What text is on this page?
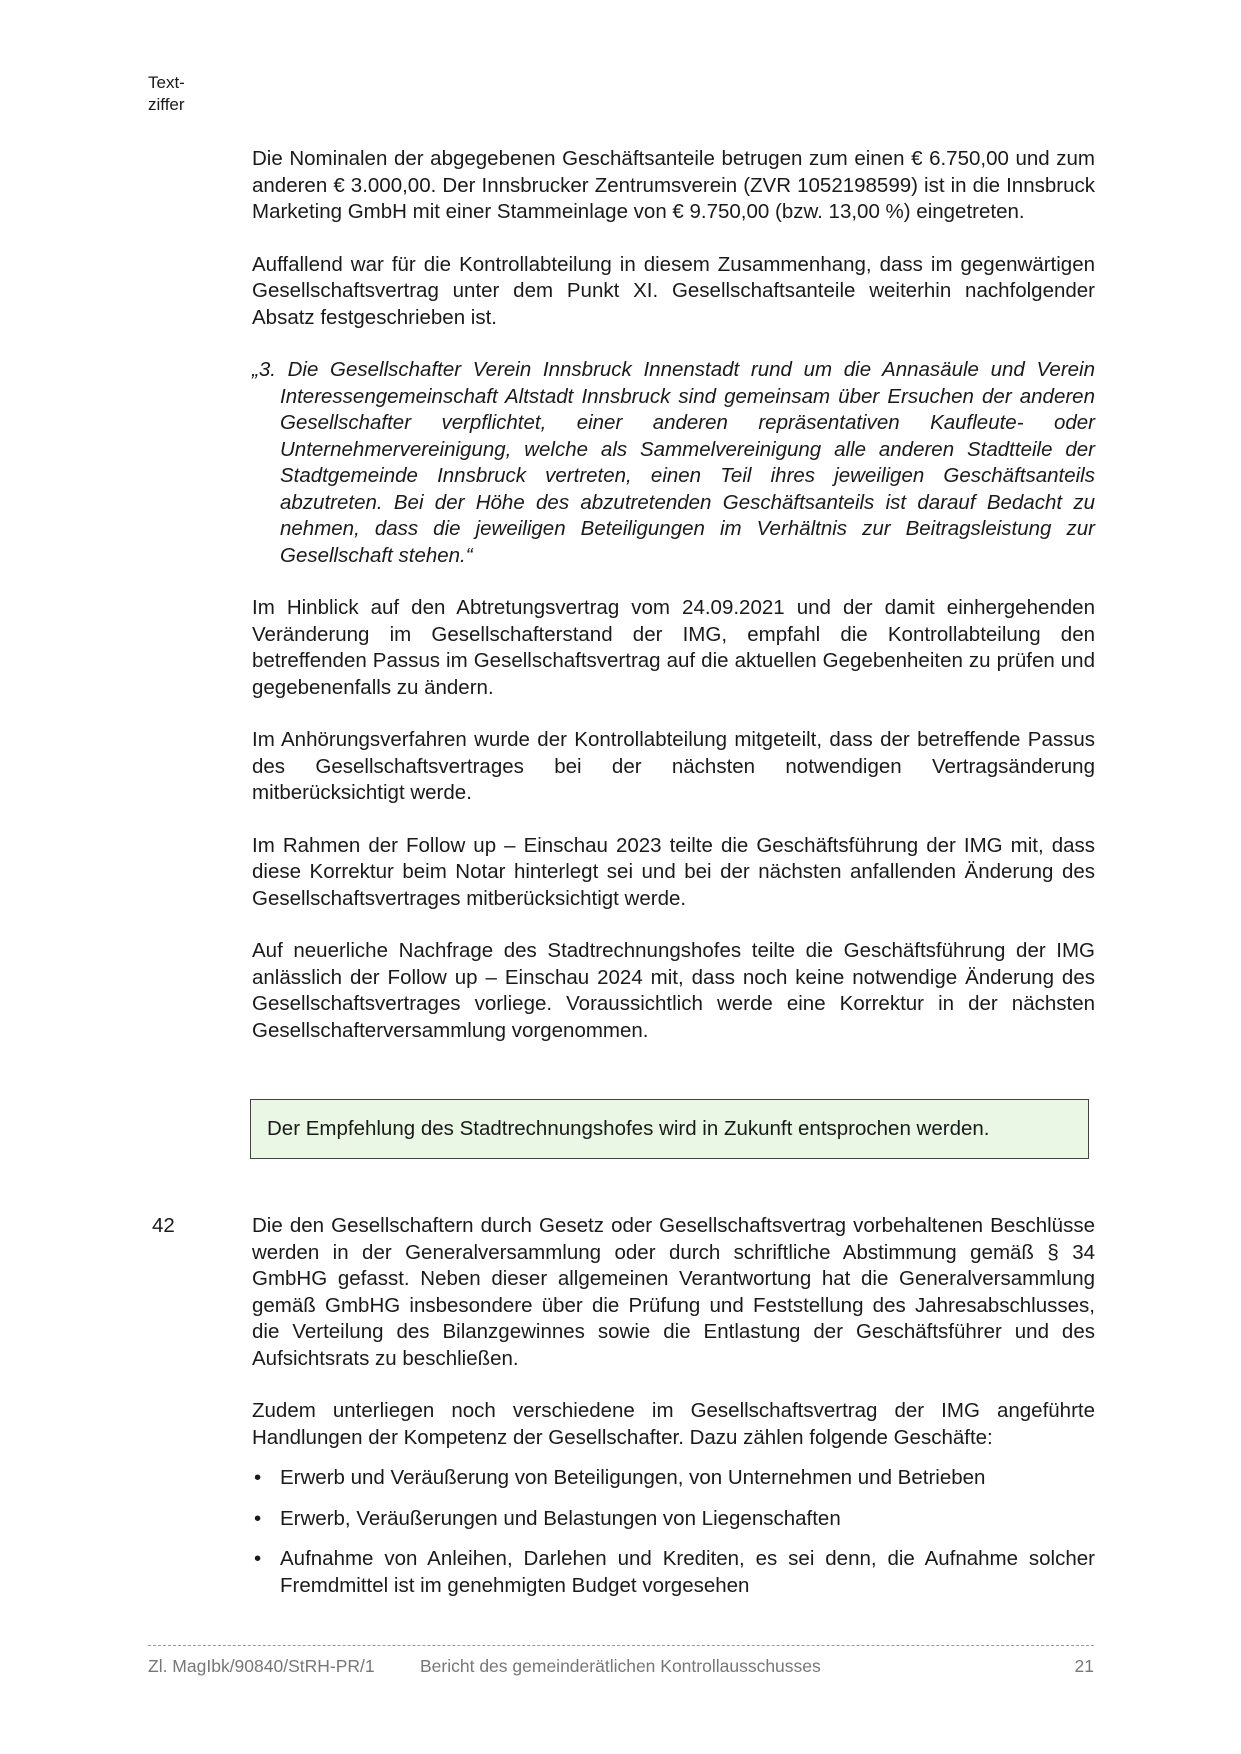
Text-
ziffer

Die Nominalen der abgegebenen Geschäftsanteile betrugen zum einen € 6.750,00 und zum anderen € 3.000,00. Der Innsbrucker Zentrumsverein (ZVR 1052198599) ist in die Innsbruck Marketing GmbH mit einer Stammeinlage von € 9.750,00 (bzw. 13,00 %) eingetreten.

Auffallend war für die Kontrollabteilung in diesem Zusammenhang, dass im gegenwärtigen Gesellschaftsvertrag unter dem Punkt XI. Gesellschaftsanteile weiterhin nachfolgender Absatz festgeschrieben ist.

„3. Die Gesellschafter Verein Innsbruck Innenstadt rund um die Annasäule und Verein Interessengemeinschaft Altstadt Innsbruck sind gemeinsam über Ersuchen der anderen Gesellschafter verpflichtet, einer anderen repräsentativen Kaufleute- oder Unternehmervereinigung, welche als Sammelvereinigung alle anderen Stadtteile der Stadtgemeinde Innsbruck vertreten, einen Teil ihres jeweiligen Geschäftsanteils abzutreten. Bei der Höhe des abzutretenden Geschäftsanteils ist darauf Bedacht zu nehmen, dass die jeweiligen Beteiligungen im Verhältnis zur Beitragsleistung zur Gesellschaft stehen.“

Im Hinblick auf den Abtretungsvertrag vom 24.09.2021 und der damit einhergehenden Veränderung im Gesellschafterstand der IMG, empfahl die Kontrollabteilung den betreffenden Passus im Gesellschaftsvertrag auf die aktuellen Gegebenheiten zu prüfen und gegebenenfalls zu ändern.

Im Anhörungsverfahren wurde der Kontrollabteilung mitgeteilt, dass der betreffende Passus des Gesellschaftsvertrages bei der nächsten notwendigen Vertragsänderung mitberücksichtigt werde.

Im Rahmen der Follow up – Einschau 2023 teilte die Geschäftsführung der IMG mit, dass diese Korrektur beim Notar hinterlegt sei und bei der nächsten anfallenden Änderung des Gesellschaftsvertrages mitberücksichtigt werde.

Auf neuerliche Nachfrage des Stadtrechnungshofes teilte die Geschäftsführung der IMG anlässlich der Follow up – Einschau 2024 mit, dass noch keine notwendige Änderung des Gesellschaftsvertrages vorliege. Voraussichtlich werde eine Korrektur in der nächsten Gesellschafterversammlung vorgenommen.

Der Empfehlung des Stadtrechnungshofes wird in Zukunft entsprochen werden.
42	Die den Gesellschaftern durch Gesetz oder Gesellschaftsvertrag vorbehaltenen Beschlüsse werden in der Generalversammlung oder durch schriftliche Abstimmung gemäß § 34 GmbHG gefasst. Neben dieser allgemeinen Verantwortung hat die Generalversammlung gemäß GmbHG insbesondere über die Prüfung und Feststellung des Jahresabschlusses, die Verteilung des Bilanzgewinnes sowie die Entlastung der Geschäftsführer und des Aufsichtsrats zu beschließen.

Zudem unterliegen noch verschiedene im Gesellschaftsvertrag der IMG angeführte Handlungen der Kompetenz der Gesellschafter. Dazu zählen folgende Geschäfte:

• Erwerb und Veräußerung von Beteiligungen, von Unternehmen und Betrieben
• Erwerb, Veräußerungen und Belastungen von Liegenschaften
• Aufnahme von Anleihen, Darlehen und Krediten, es sei denn, die Aufnahme solcher Fremdmittel ist im genehmigten Budget vorgesehen
Zl. MagIbk/90840/StRH-PR/1	Bericht des gemeinderätlichen Kontrollausschusses	21
